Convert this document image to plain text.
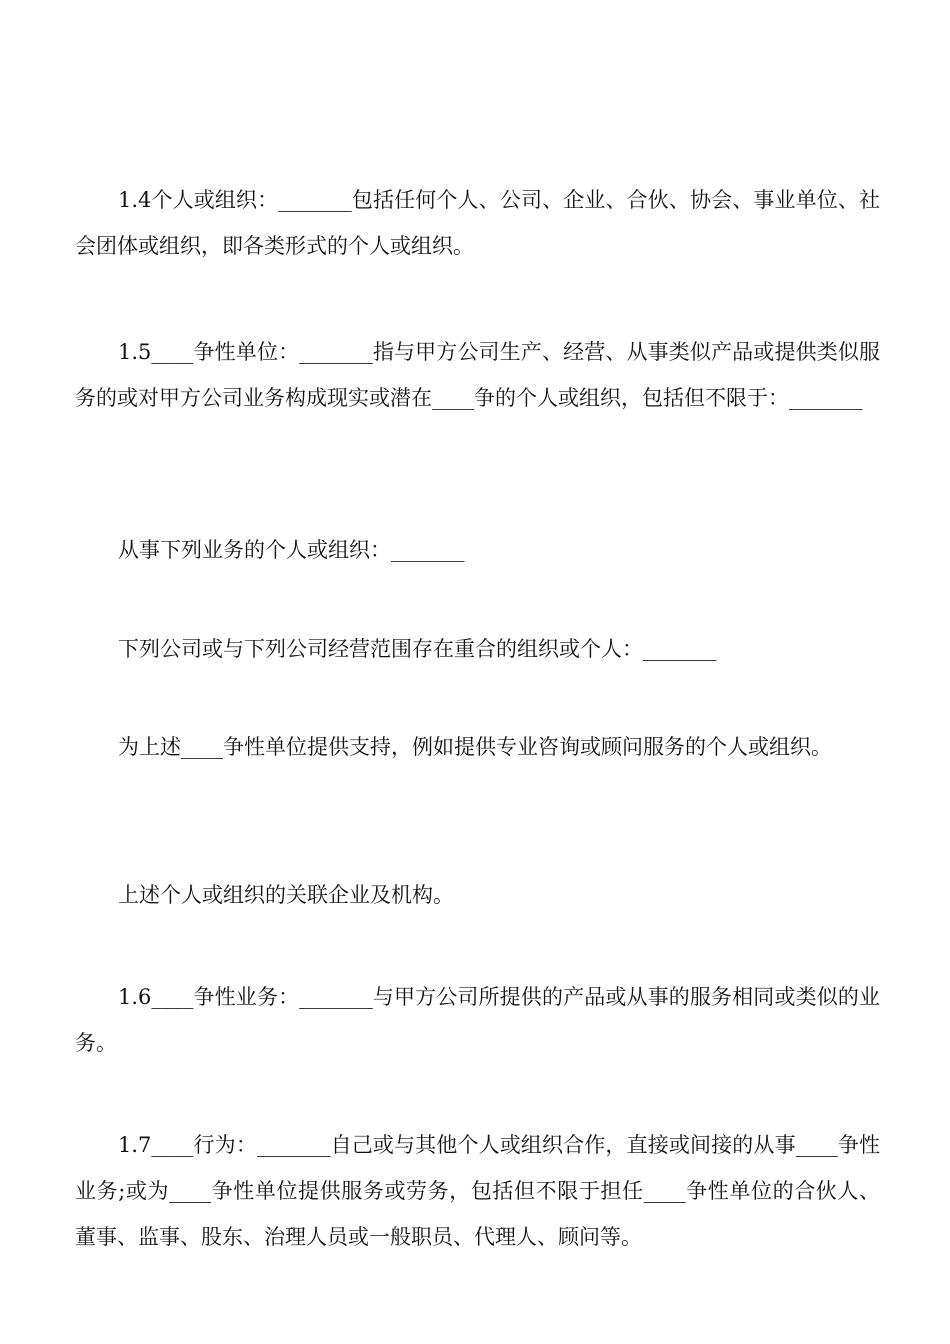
1.4个人或组织：_______包括任何个人、公司、企业、合伙、协会、事业单位、社会团体或组织，即各类形式的个人或组织。

1.5____争性单位：_______指与甲方公司生产、经营、从事类似产品或提供类似服务的或对甲方公司业务构成现实或潜在____争的个人或组织，包括但不限于：_______

从事下列业务的个人或组织：_______

下列公司或与下列公司经营范围存在重合的组织或个人：_______

为上述____争性单位提供支持，例如提供专业咨询或顾问服务的个人或组织。

上述个人或组织的关联企业及机构。

1.6____争性业务：_______与甲方公司所提供的产品或从事的服务相同或类似的业务。

1.7____行为：_______自己或与其他个人或组织合作，直接或间接的从事____争性业务;或为____争性单位提供服务或劳务，包括但不限于担任____争性单位的合伙人、董事、监事、股东、治理人员或一般职员、代理人、顾问等。
